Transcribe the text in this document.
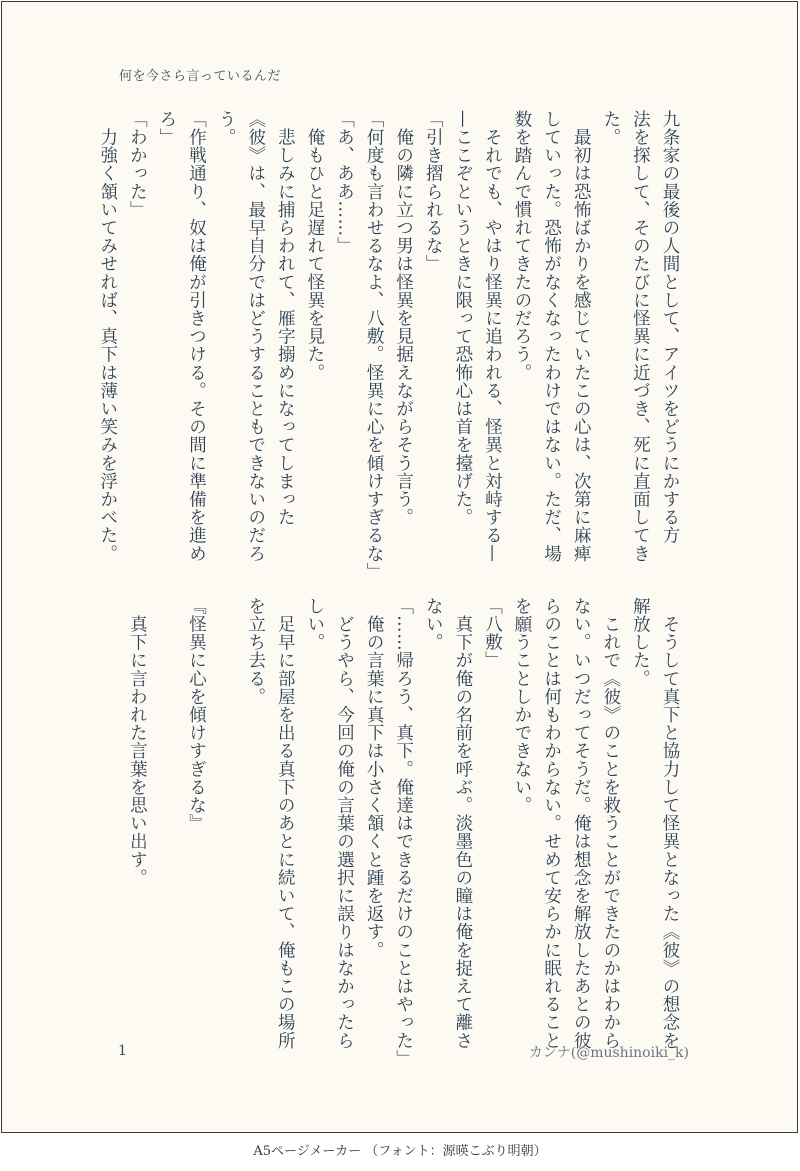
何を今さら言っているんだ
九条家の最後の人間として、アイツをどうにかする方
法を探して、そのたびに怪異に近づき、死に直面してき
た。
　最初は恐怖ばかりを感じていたこの心は、次第に麻痺
していった。恐怖がなくなったわけではない。ただ、場
数を踏んで慣れてきたのだろう。
　それでも、やはり怪異に追われる、怪異と対峙する—
—ここぞというときに限って恐怖心は首を擡げた。
「引き摺られるな」
　俺の隣に立つ男は怪異を見据えながらそう言う。
「何度も言わせるなよ、八敷。怪異に心を傾けすぎるな」
「あ、ああ……」
　俺もひと足遅れて怪異を見た。
　悲しみに捕らわれて、雁字搦めになってしまった
《彼》は、最早自分ではどうすることもできないのだろ
う。
「作戦通り、奴は俺が引きつける。その間に準備を進め
ろ」
「わかった」
　力強く頷いてみせれば、真下は薄い笑みを浮かべた。
　そうして真下と協力して怪異となった《彼》の想念を
解放した。
　これで《彼》のことを救うことができたのかはわから
ない。いつだってそうだ。俺は想念を解放したあとの彼
らのことは何もわからない。せめて安らかに眠れること
を願うことしかできない。
「八敷」
　真下が俺の名前を呼ぶ。淡墨色の瞳は俺を捉えて離さ
ない。
「……帰ろう、真下。俺達はできるだけのことはやった」
　俺の言葉に真下は小さく頷くと踵を返す。
　どうやら、今回の俺の言葉の選択に誤りはなかったら
しい。
　足早に部屋を出る真下のあとに続いて、俺もこの場所
を立ち去る。
『怪異に心を傾けすぎるな』
　真下に言われた言葉を思い出す。
1	カンナ(@mushinoiki_k)
A5ページメーカー （フォント：源暎こぶり明朝）
